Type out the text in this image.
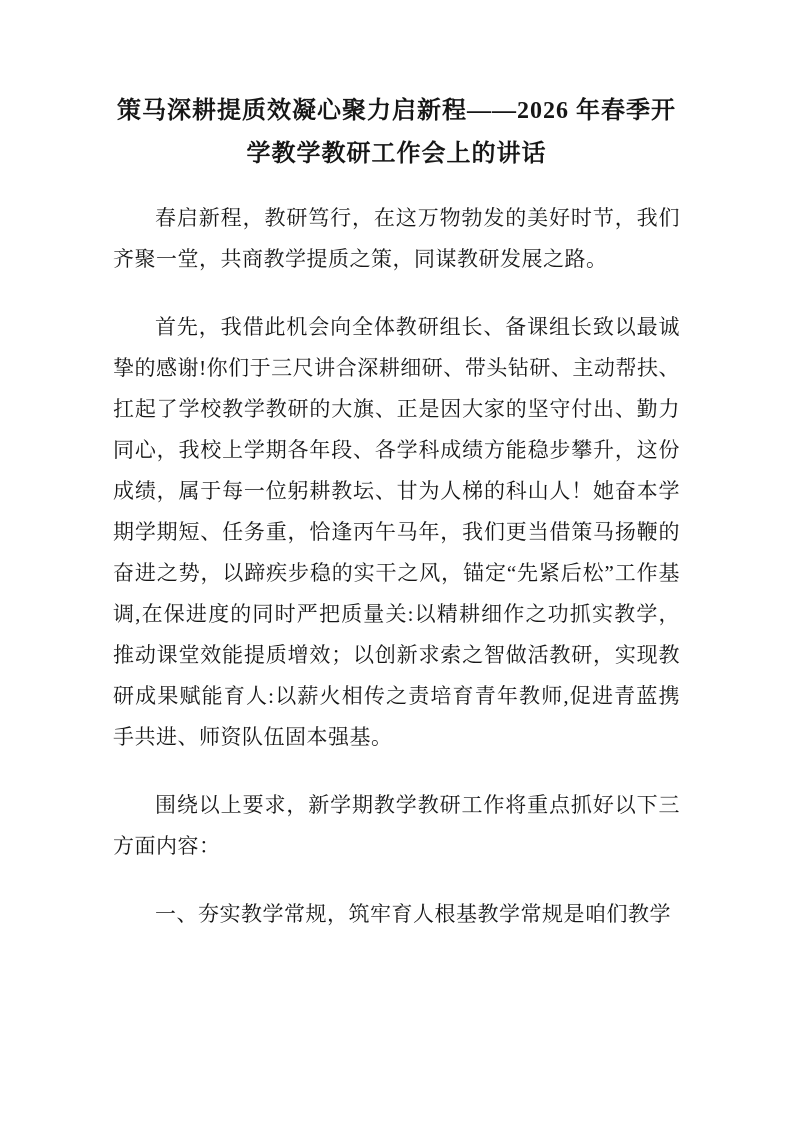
策马深耕提质效凝心聚力启新程——2026 年春季开学教学教研工作会上的讲话

春启新程，教研笃行，在这万物勃发的美好时节，我们齐聚一堂，共商教学提质之策，同谋教研发展之路。

首先，我借此机会向全体教研组长、备课组长致以最诚挚的感谢!你们于三尺讲合深耕细研、带头钻研、主动帮扶、扛起了学校教学教研的大旗、正是因大家的坚守付出、勤力同心，我校上学期各年段、各学科成绩方能稳步攀升，这份成绩，属于每一位躬耕教坛、甘为人梯的科山人！她奋本学期学期短、任务重，恰逢丙午马年，我们更当借策马扬鞭的奋进之势，以蹄疾步稳的实干之风，锚定“先紧后松”工作基调,在保进度的同时严把质量关:以精耕细作之功抓实教学，推动课堂效能提质增效；以创新求索之智做活教研，实现教研成果赋能育人:以薪火相传之责培育青年教师,促进青蓝携手共进、师资队伍固本强基。

围绕以上要求，新学期教学教研工作将重点抓好以下三方面内容：

一、夯实教学常规，筑牢育人根基教学常规是咱们教学
